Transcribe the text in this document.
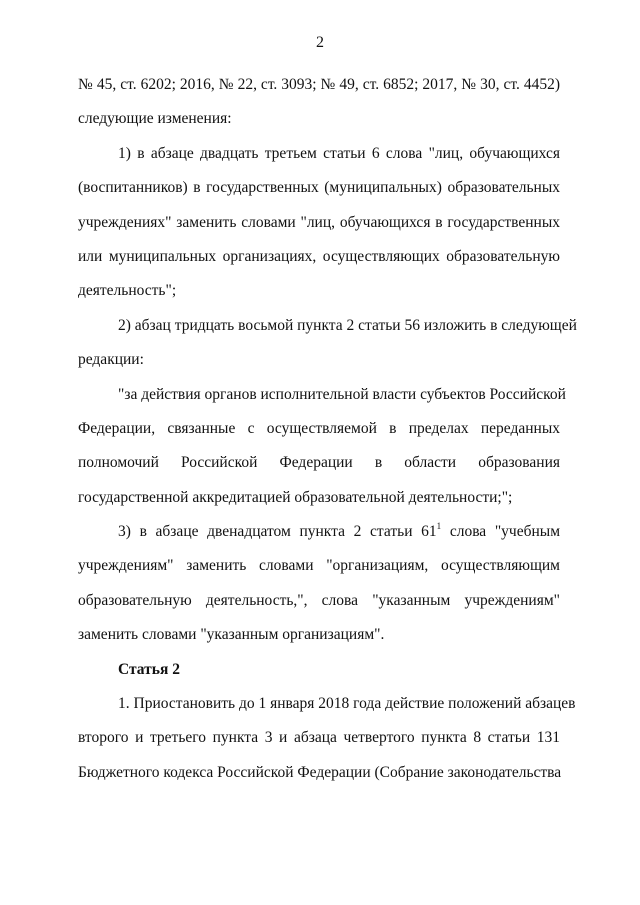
2
№ 45, ст. 6202; 2016, № 22, ст. 3093; № 49, ст. 6852; 2017, № 30, ст. 4452)
следующие изменения:
1) в абзаце двадцать третьем статьи 6 слова "лиц, обучающихся
(воспитанников) в государственных (муниципальных) образовательных
учреждениях" заменить словами "лиц, обучающихся в государственных
или муниципальных организациях, осуществляющих образовательную
деятельность";
2) абзац тридцать восьмой пункта 2 статьи 56 изложить в следующей
редакции:
"за действия органов исполнительной власти субъектов Российской
Федерации, связанные с осуществляемой в пределах переданных
полномочий Российской Федерации в области образования
государственной аккредитацией образовательной деятельности;";
3) в абзаце двенадцатом пункта 2 статьи $61^1$ слова "учебным
учреждениям" заменить словами "организациям, осуществляющим
образовательную деятельность,", слова "указанным учреждениям"
заменить словами "указанным организациям".
Статья 2
1. Приостановить до 1 января 2018 года действие положений абзацев
второго и третьего пункта 3 и абзаца четвертого пункта 8 статьи 131
Бюджетного кодекса Российской Федерации (Собрание законодательства
